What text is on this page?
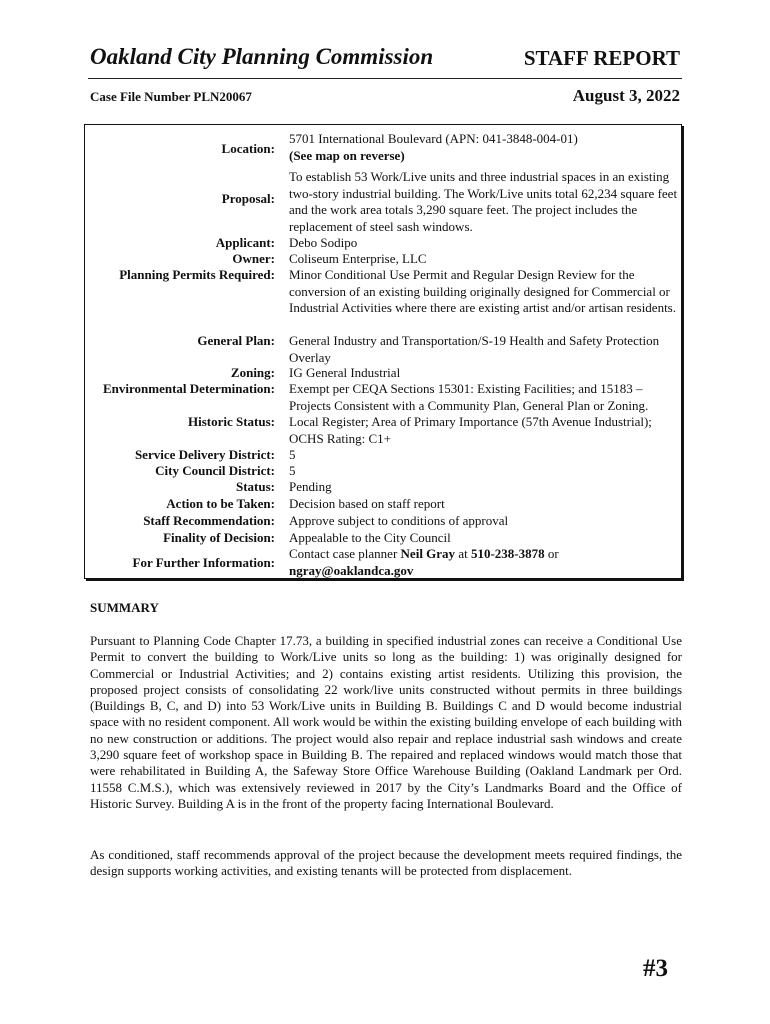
Oakland City Planning Commission	STAFF REPORT
Case File Number PLN20067	August 3, 2022
Location:
5701 International Boulevard (APN: 041-3848-004-01)
(See map on reverse)
Proposal:
To establish 53 Work/Live units and three industrial spaces in an existing two-story industrial building. The Work/Live units total 62,234 square feet and the work area totals 3,290 square feet. The project includes the replacement of steel sash windows.
Applicant: Debo Sodipo
Owner: Coliseum Enterprise, LLC
Planning Permits Required: Minor Conditional Use Permit and Regular Design Review for the conversion of an existing building originally designed for Commercial or Industrial Activities where there are existing artist and/or artisan residents.
General Plan: General Industry and Transportation/S-19 Health and Safety Protection Overlay
Zoning: IG General Industrial
Environmental Determination: Exempt per CEQA Sections 15301: Existing Facilities; and 15183 – Projects Consistent with a Community Plan, General Plan or Zoning.
Historic Status: Local Register; Area of Primary Importance (57th Avenue Industrial); OCHS Rating: C1+
Service Delivery District: 5
City Council District: 5
Status: Pending
Action to be Taken: Decision based on staff report
Staff Recommendation: Approve subject to conditions of approval
Finality of Decision: Appealable to the City Council
For Further Information:
Contact case planner Neil Gray at 510-238-3878 or
ngray@oaklandca.gov
SUMMARY

Pursuant to Planning Code Chapter 17.73, a building in specified industrial zones can receive a Conditional Use Permit to convert the building to Work/Live units so long as the building: 1) was originally designed for Commercial or Industrial Activities; and 2) contains existing artist residents. Utilizing this provision, the proposed project consists of consolidating 22 work/live units constructed without permits in three buildings (Buildings B, C, and D) into 53 Work/Live units in Building B. Buildings C and D would become industrial space with no resident component. All work would be within the existing building envelope of each building with no new construction or additions. The project would also repair and replace industrial sash windows and create 3,290 square feet of workshop space in Building B. The repaired and replaced windows would match those that were rehabilitated in Building A, the Safeway Store Office Warehouse Building (Oakland Landmark per Ord. 11558 C.M.S.), which was extensively reviewed in 2017 by the City’s Landmarks Board and the Office of Historic Survey. Building A is in the front of the property facing International Boulevard.

As conditioned, staff recommends approval of the project because the development meets required findings, the design supports working activities, and existing tenants will be protected from displacement.

#3
